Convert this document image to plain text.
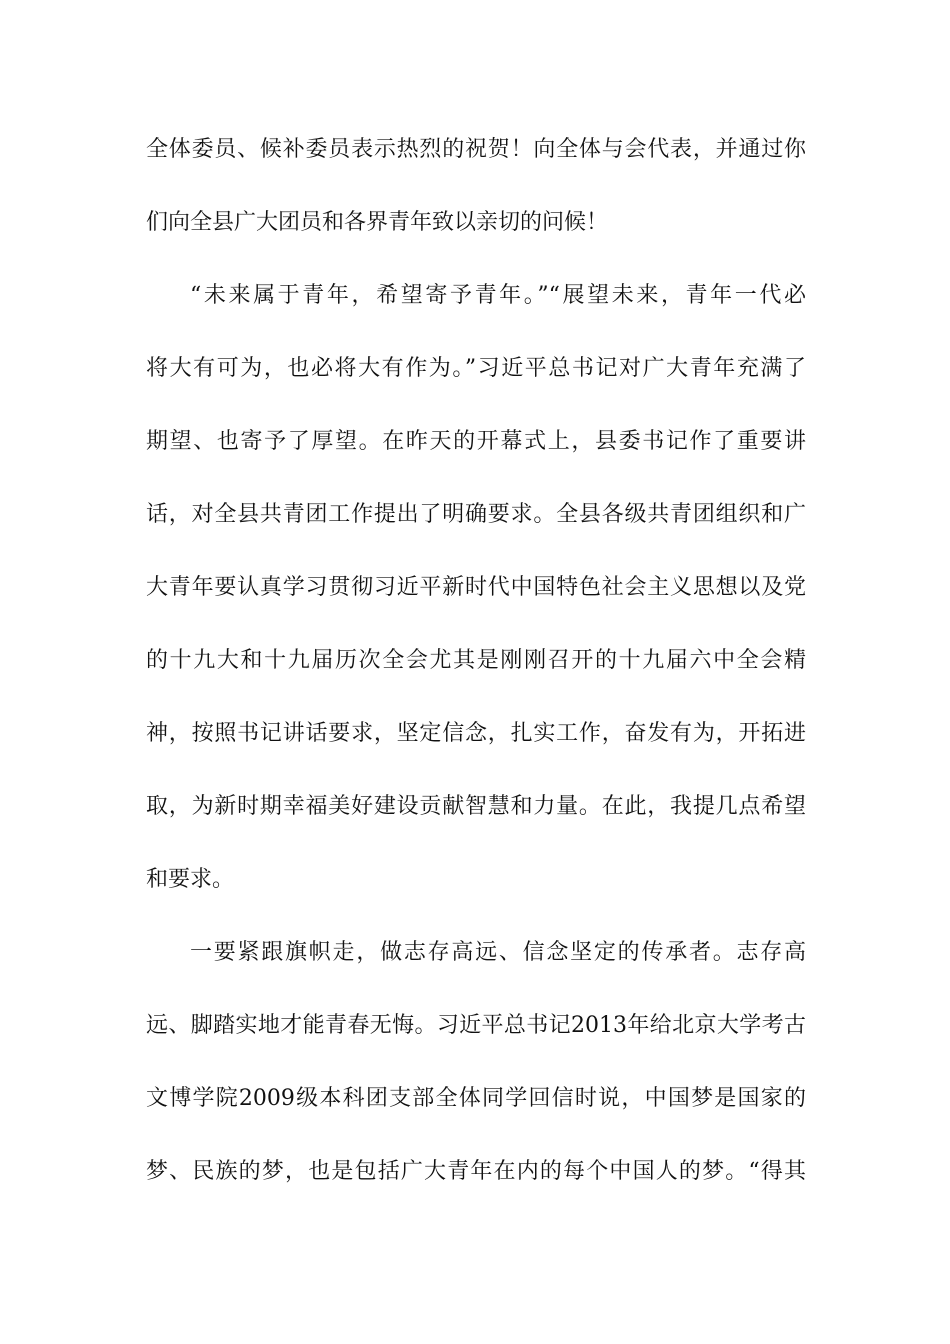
全体委员、候补委员表示热烈的祝贺！向全体与会代表，并通过你
们向全县广大团员和各界青年致以亲切的问候！
“未来属于青年，希望寄予青年。”“展望未来，青年一代必
将大有可为，也必将大有作为。”习近平总书记对广大青年充满了
期望、也寄予了厚望。在昨天的开幕式上，县委书记作了重要讲
话，对全县共青团工作提出了明确要求。全县各级共青团组织和广
大青年要认真学习贯彻习近平新时代中国特色社会主义思想以及党
的十九大和十九届历次全会尤其是刚刚召开的十九届六中全会精
神，按照书记讲话要求，坚定信念，扎实工作，奋发有为，开拓进
取，为新时期幸福美好建设贡献智慧和力量。在此，我提几点希望
和要求。
一要紧跟旗帜走，做志存高远、信念坚定的传承者。志存高
远、脚踏实地才能青春无悔。习近平总书记2013年给北京大学考古
文博学院2009级本科团支部全体同学回信时说，中国梦是国家的
梦、民族的梦，也是包括广大青年在内的每个中国人的梦。“得其
